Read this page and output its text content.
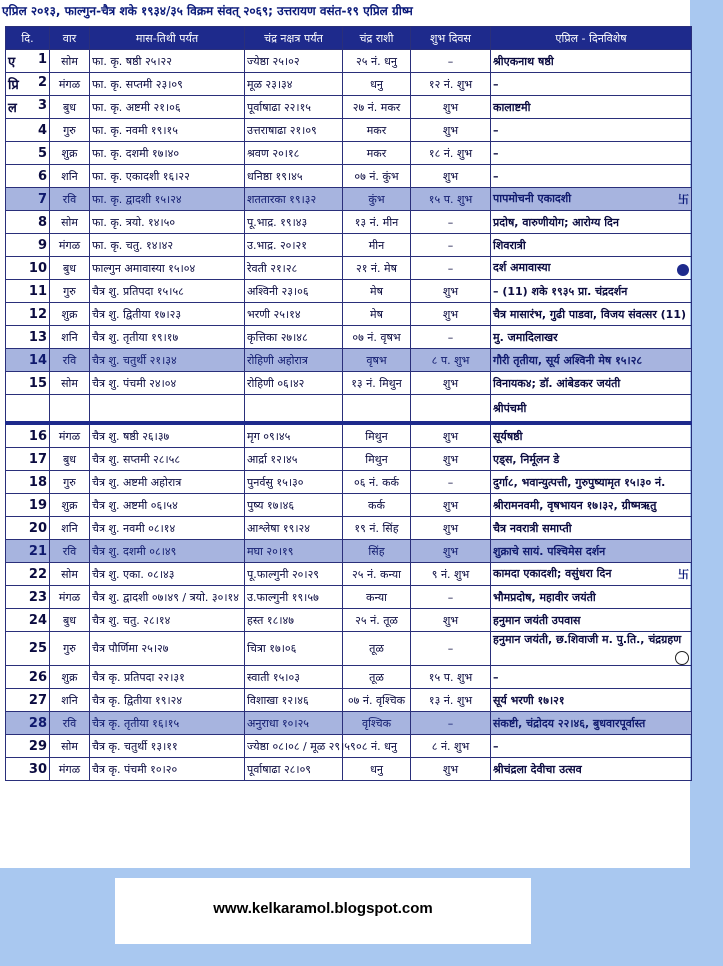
एप्रिल २०१३, फाल्गुन-चैत्र शके १९३४/३५ विक्रम संवत् २०६९; उत्तरायण वसंत-१९ एप्रिल ग्रीष्म
दि.	वार	मास-तिथी पर्यंत	चंद्र नक्षत्र पर्यंत	चंद्र राशी	शुभ दिवस	एप्रिल - दिनविशेष

ए 1	सोम	फा. कृ. षष्ठी २५।२२	ज्येष्ठा २५।०२	२५ नं. धनु	–	श्रीएकनाथ षष्ठी

प्रि 2	मंगळ	फा. कृ. सप्तमी २३।०९	मूळ २३।३४	धनु	१२ नं. शुभ	–

ल 3	बुध	फा. कृ. अष्टमी २१।०६	पूर्वाषाढा २२।१५	२७ नं. मकर	शुभ	कालाष्टमी
4	गुरु	फा. कृ. नवमी १९।१५	उत्तराषाढा २१।०९	मकर	शुभ	–
5	शुक्र	फा. कृ. दशमी १७।४०	श्रवण २०।१८	मकर	१८ नं. शुभ	–
6	शनि	फा. कृ. एकादशी १६।२२	धनिष्ठा १९।४५	०७ नं. कुंभ	शुभ	–
7	रवि	फा. कृ. द्वादशी १५।२४	शततारका १९।३२	कुंभ	१५ प. शुभ	पापमोचनी एकादशी 卐

8	सोम	फा. कृ. त्रयो. १४।५०	पू.भाद्र. १९।४३	१३ नं. मीन	–	प्रदोष, वारुणीयोग; आरोग्य दिन
9	मंगळ	फा. कृ. चतु. १४।४२	उ.भाद्र. २०।२१	मीन	–	शिवरात्री
10	बुध	फाल्गुन अमावास्या १५।०४	रेवती २१।२८	२१ नं. मेष	–	दर्श अमावास्या

11	गुरु	चैत्र शु. प्रतिपदा १५।५८	अश्विनी २३।०६	मेष	शुभ	– (11) शके १९३५ प्रा. चंद्रदर्शन
12	शुक्र	चैत्र शु. द्वितीया १७।२३	भरणी २५।१४	मेष	शुभ	चैत्र मासारंभ, गुढी पाडवा, विजय संवत्सर (11)
13	शनि	चैत्र शु. तृतीया १९।१७	कृत्तिका २७।४८	०७ नं. वृषभ	–	मु. जमादिलाखर
14	रवि	चैत्र शु. चतुर्थी २१।३४	रोहिणी अहोरात्र	वृषभ	८ प. शुभ	गौरी तृतीया, सूर्य अश्विनी मेष १५।२८
15	सोम	चैत्र शु. पंचमी २४।०४	रोहिणी ०६।४२	१३ नं. मिथुन	शुभ	विनायक४; डॉ. आंबेडकर जयंती
						श्रीपंचमी
16	मंगळ	चैत्र शु. षष्ठी २६।३७	मृग ०९।४५	मिथुन	शुभ	सूर्यषष्ठी
17	बुध	चैत्र शु. सप्तमी २८।५८	आर्द्रा १२।४५	मिथुन	शुभ	एड्स, निर्मूलन डे
18	गुरु	चैत्र शु. अष्टमी अहोरात्र	पुनर्वसु १५।३०	०६ नं. कर्क	–	दुर्गा८, भवान्युत्पत्ती, गुरुपुष्यामृत १५।३० नं.
19	शुक्र	चैत्र शु. अष्टमी ०६।५४	पुष्य १७।४६	कर्क	शुभ	श्रीरामनवमी, वृषभायन १७।३२, ग्रीष्मऋतु
20	शनि	चैत्र शु. नवमी ०८।१४	आश्लेषा १९।२४	१९ नं. सिंह	शुभ	चैत्र नवरात्री समाप्ती
21	रवि	चैत्र शु. दशमी ०८।४९	मघा २०।१९	सिंह	शुभ	शुक्राचे सायं. पश्चिमेस दर्शन
22	सोम	चैत्र शु. एका. ०८।४३	पू.फाल्गुनी २०।२९	२५ नं. कन्या	९ नं. शुभ	कामदा एकादशी; वसुंधरा दिन 卐

23	मंगळ	चैत्र शु. द्वादशी ०७।४९ / त्रयो. ३०।१४	उ.फाल्गुनी १९।५७	कन्या	–	भौमप्रदोष, महावीर जयंती
24	बुध	चैत्र शु. चतु. २८।१४	हस्त १८।४७	२५ नं. तूळ	शुभ	हनुमान जयंती उपवास
25	गुरु	चैत्र पौर्णिमा २५।२७	चित्रा १७।०६	तूळ	–	हनुमान जयंती, छ.शिवाजी म. पु.ति., चंद्रग्रहण

26	शुक्र	चैत्र कृ. प्रतिपदा २२।३१	स्वाती १५।०३	तूळ	१५ प. शुभ	–
27	शनि	चैत्र कृ. द्वितीया १९।२४	विशाखा १२।४६	०७ नं. वृश्चिक	१३ नं. शुभ	सूर्य भरणी १७।२१
28	रवि	चैत्र कृ. तृतीया १६।१५	अनुराधा १०।२५	वृश्चिक	–	संकष्टी, चंद्रोदय २२।४६, बुधवारपूर्वास्त
29	सोम	चैत्र कृ. चतुर्थी १३।११	ज्येष्ठा ०८।०८ / मूळ २९।५९	०८ नं. धनु	८ नं. शुभ	–
30	मंगळ	चैत्र कृ. पंचमी १०।२०	पूर्वाषाढा २८।०९	धनु	शुभ	श्रीचंद्रला देवीचा उत्सव
www.kelkaramol.blogspot.com
